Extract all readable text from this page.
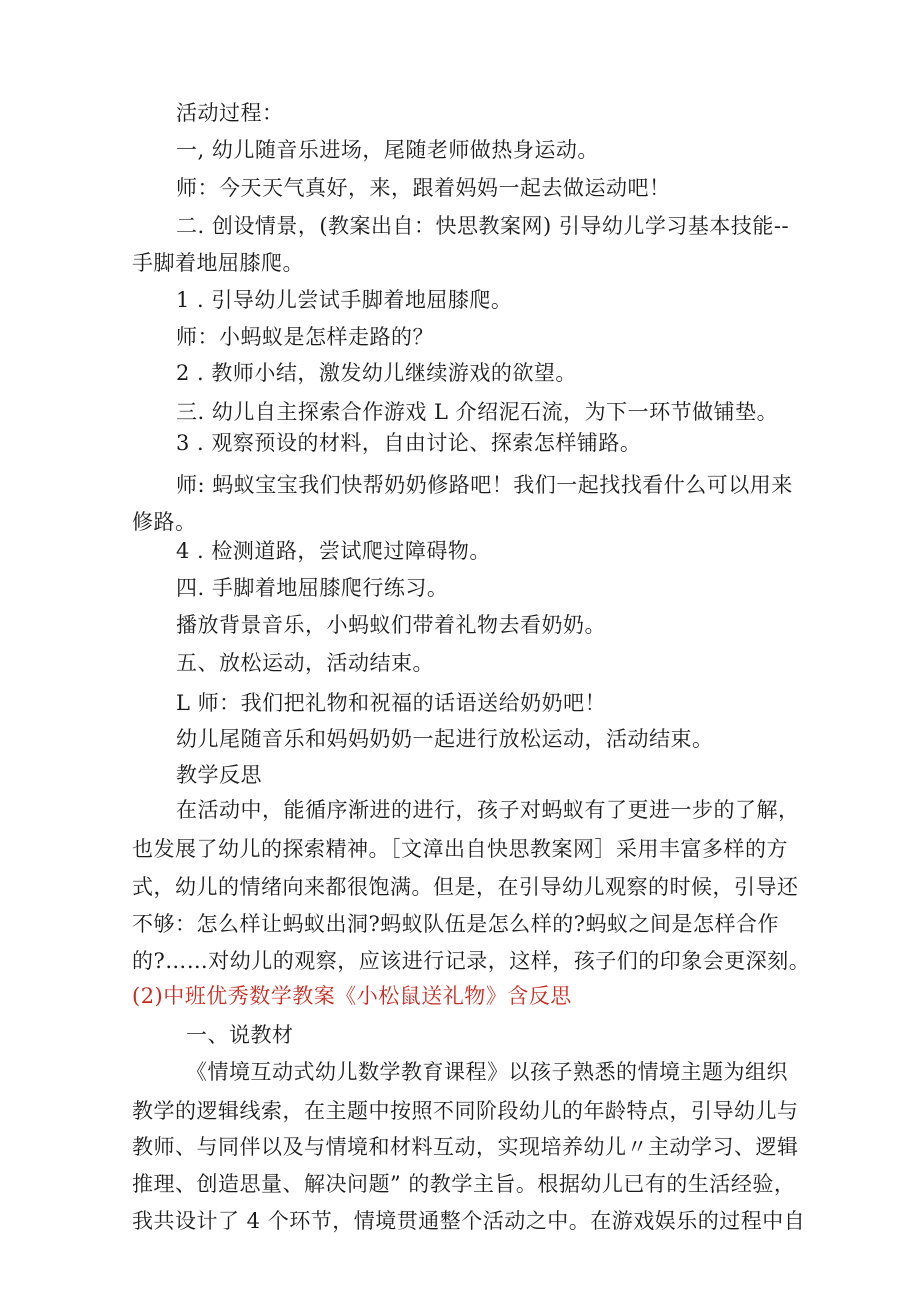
活动过程：

一, 幼儿随音乐进场，尾随老师做热身运动。

师：今天天气真好，来，跟着妈妈一起去做运动吧！

二. 创设情景，(教案出自：快思教案网) 引导幼儿学习基本技能--

手脚着地屈膝爬。

1 . 引导幼儿尝试手脚着地屈膝爬。

师：小蚂蚁是怎样走路的？

2 . 教师小结，激发幼儿继续游戏的欲望。

三. 幼儿自主探索合作游戏 L 介绍泥石流，为下一环节做铺垫。

3 . 观察预设的材料，自由讨论、探索怎样铺路。

师: 蚂蚁宝宝我们快帮奶奶修路吧！我们一起找找看什么可以用来

修路。

4 . 检测道路，尝试爬过障碍物。

四. 手脚着地屈膝爬行练习。

播放背景音乐，小蚂蚁们带着礼物去看奶奶。

五、放松运动，活动结束。

L 师：我们把礼物和祝福的话语送给奶奶吧！

幼儿尾随音乐和妈妈奶奶一起进行放松运动，活动结束。

教学反思

在活动中，能循序渐进的进行，孩子对蚂蚁有了更进一步的了解，

也发展了幼儿的探索精神。［文漳出自快思教案网］采用丰富多样的方

式，幼儿的情绪向来都很饱满。但是，在引导幼儿观察的时候，引导还

不够：怎么样让蚂蚁出洞?蚂蚁队伍是怎么样的?蚂蚁之间是怎样合作

的?……对幼儿的观察，应该进行记录，这样，孩子们的印象会更深刻。

(2)中班优秀数学教案《小松鼠送礼物》含反思

一、说教材

《情境互动式幼儿数学教育课程》以孩子熟悉的情境主题为组织

教学的逻辑线索，在主题中按照不同阶段幼儿的年龄特点，引导幼儿与

教师、与同伴以及与情境和材料互动，实现培养幼儿〃主动学习、逻辑

推理、创造思量、解决问题” 的教学主旨。根据幼儿已有的生活经验，

我共设计了 4 个环节，情境贯通整个活动之中。在游戏娱乐的过程中自
